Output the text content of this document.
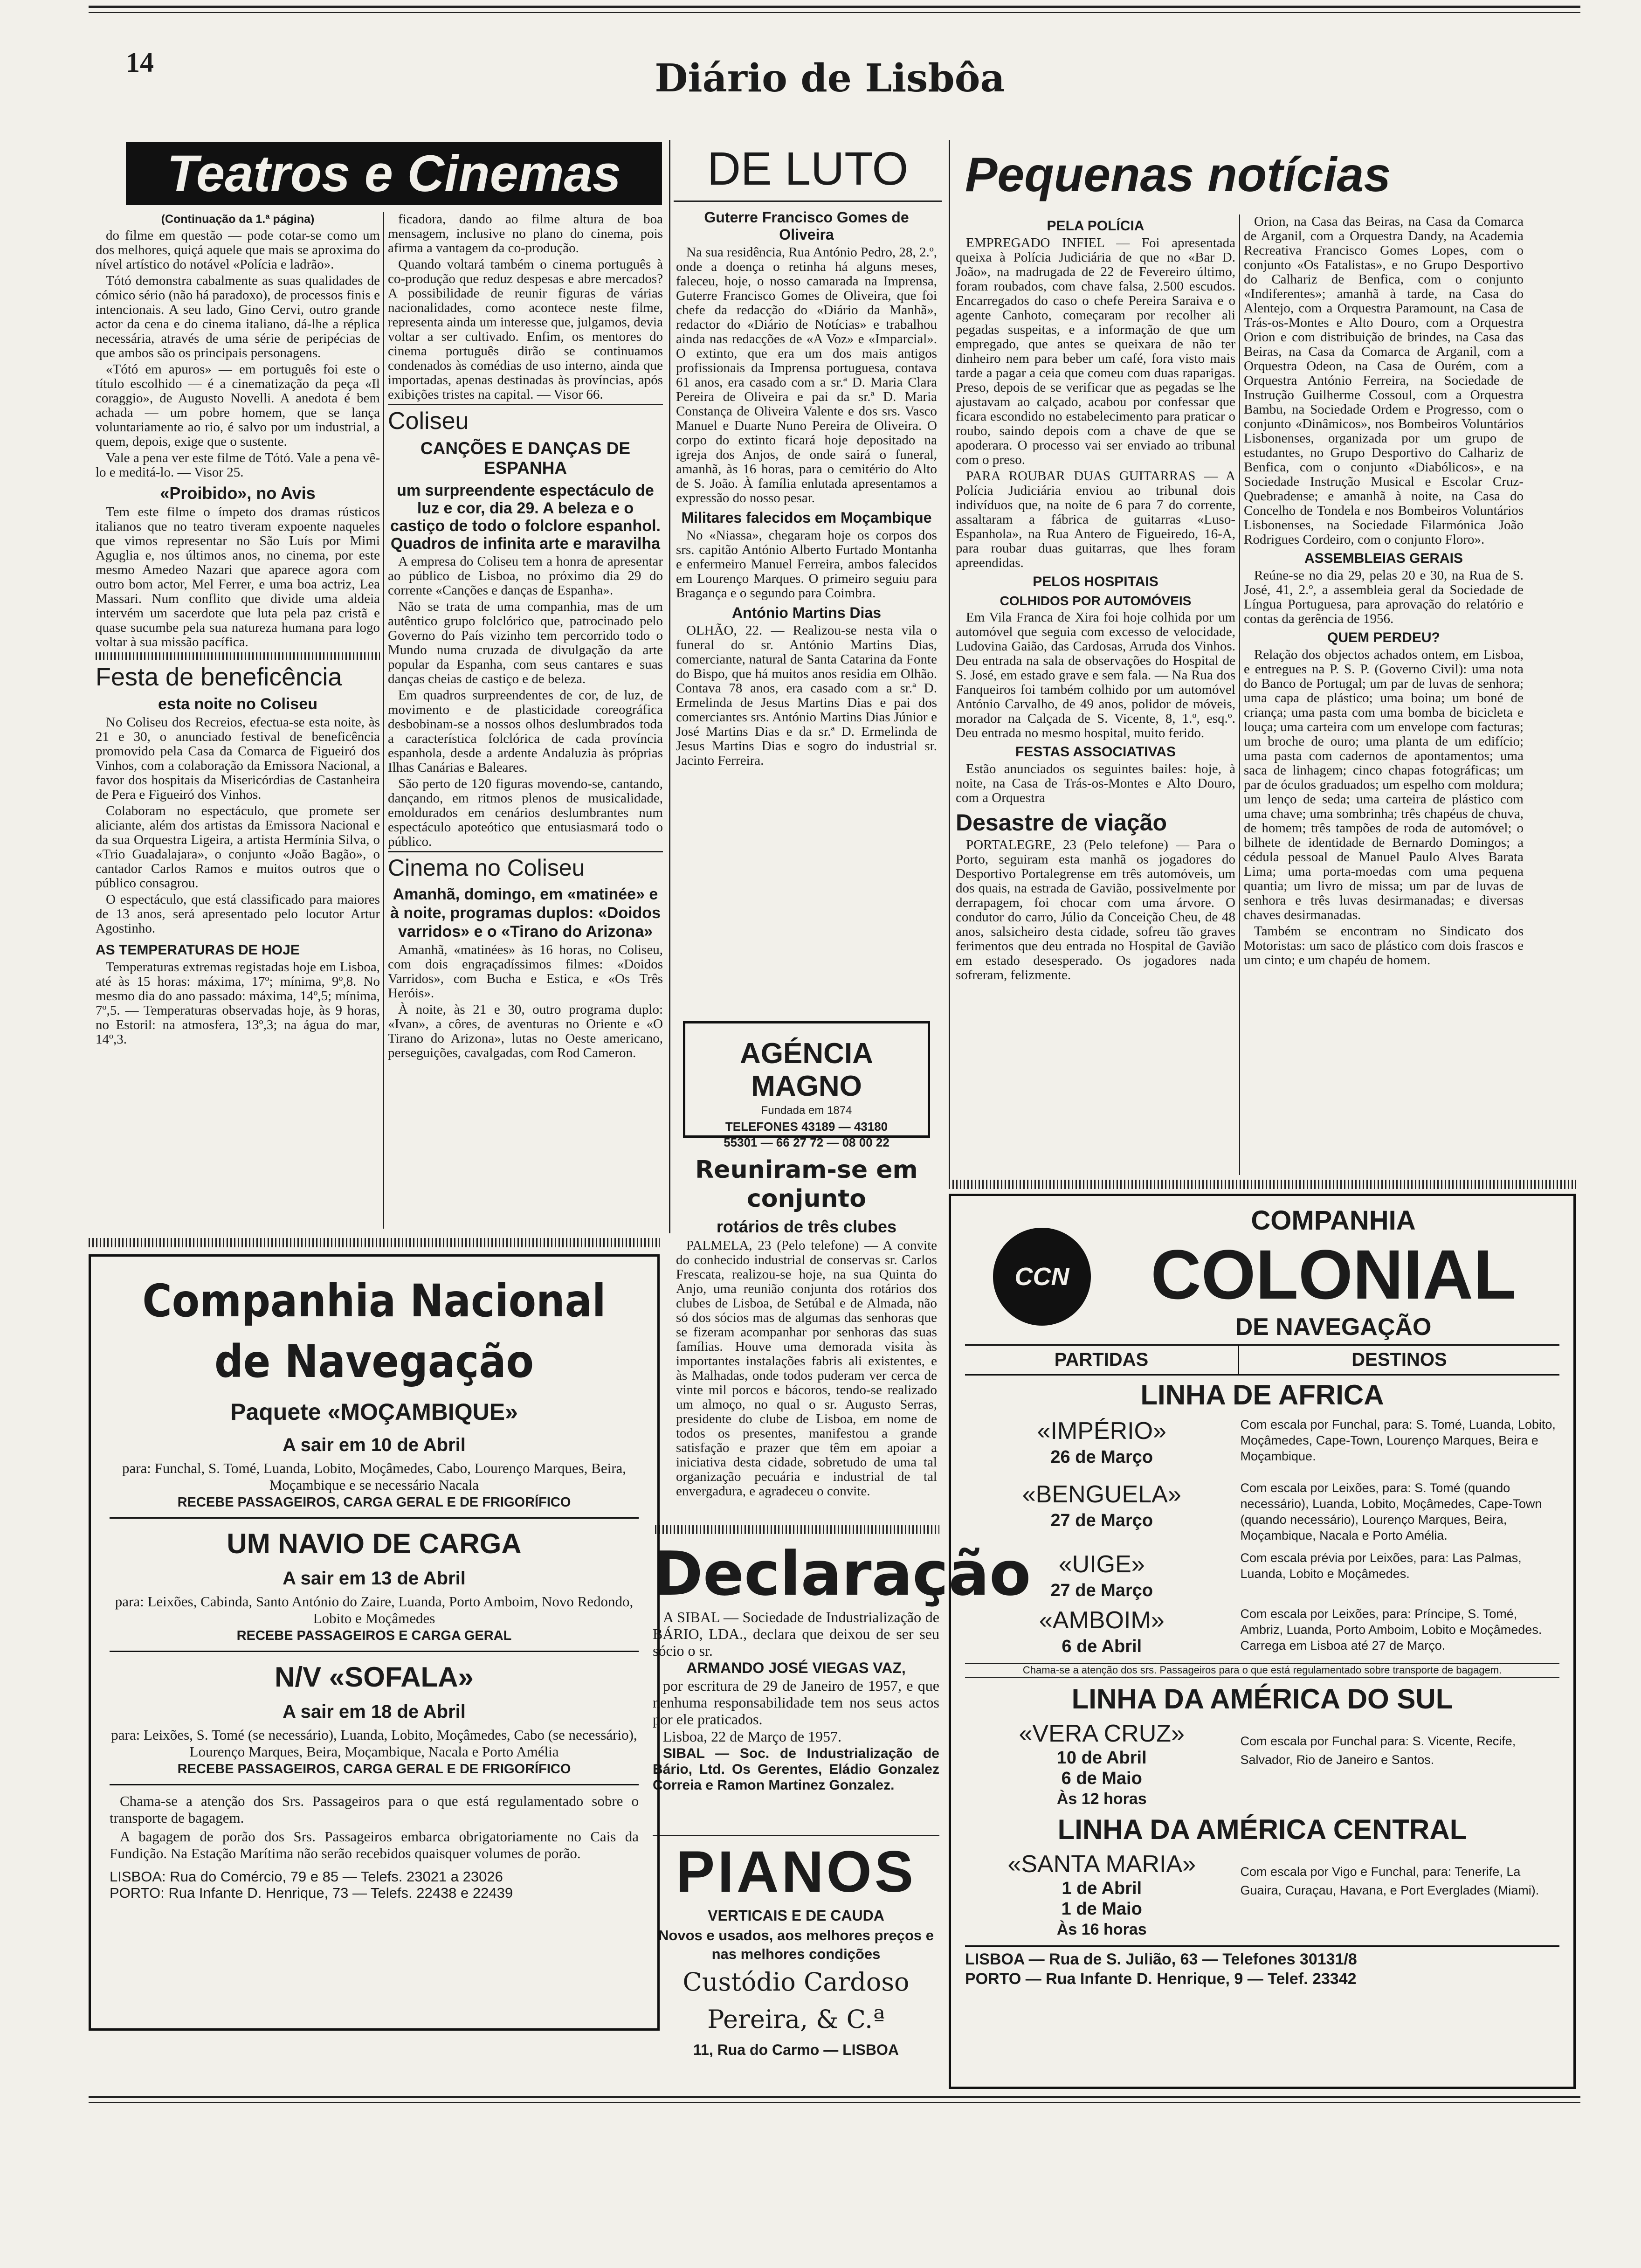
14	Diário de Lisbôa
Teatros e Cinemas

(Continuação da 1.ª página)

do filme em questão — pode cotar-se como um dos melhores, quiçá aquele que mais se aproxima do nível artístico do notável «Polícia e ladrão».

Tótó demonstra cabalmente as suas qualidades de cómico sério (não há paradoxo), de processos finis e intencionais. A seu lado, Gino Cervi, outro grande actor da cena e do cinema italiano, dá-lhe a réplica necessária, através de uma série de peripécias de que ambos são os principais personagens.

«Tótó em apuros» — em português foi este o título escolhido — é a cinematização da peça «Il coraggio», de Augusto Novelli. A anedota é bem achada — um pobre homem, que se lança voluntariamente ao rio, é salvo por um industrial, a quem, depois, exige que o sustente.

Vale a pena ver este filme de Tótó. Vale a pena vê-lo e meditá-lo. — Visor 25.

«Proibido», no Avis

Tem este filme o ímpeto dos dramas rústicos italianos que no teatro tiveram expoente naqueles que vimos representar no São Luís por Mimi Aguglia e, nos últimos anos, no cinema, por este mesmo Amedeo Nazari que aparece agora com outro bom actor, Mel Ferrer, e uma boa actriz, Lea Massari. Num conflito que divide uma aldeia intervém um sacerdote que luta pela paz cristã e quase sucumbe pela sua natureza humana para logo voltar à sua missão pacífica.

Festa de beneficência
esta noite no Coliseu

No Coliseu dos Recreios, efectua-se esta noite, às 21 e 30, o anunciado festival de beneficência promovido pela Casa da Comarca de Figueiró dos Vinhos, com a colaboração da Emissora Nacional, a favor dos hospitais da Misericórdias de Castanheira de Pera e Figueiró dos Vinhos.

Colaboram no espectáculo, que promete ser aliciante, além dos artistas da Emissora Nacional e da sua Orquestra Ligeira, a artista Hermínia Silva, o «Trio Guadalajara», o conjunto «João Bagão», o cantador Carlos Ramos e muitos outros que o público consagrou.

O espectáculo, que está classificado para maiores de 13 anos, será apresentado pelo locutor Artur Agostinho.

AS TEMPERATURAS DE HOJE

Temperaturas extremas registadas hoje em Lisboa, até às 15 horas: máxima, 17º; mínima, 9º,8. No mesmo dia do ano passado: máxima, 14º,5; mínima, 7º,5. — Temperaturas observadas hoje, às 9 horas, no Estoril: na atmosfera, 13º,3; na água do mar, 14º,3.

ficadora, dando ao filme altura de boa mensagem, inclusive no plano do cinema, pois afirma a vantagem da co-produção.

Quando voltará também o cinema português à co-produção que reduz despesas e abre mercados? A possibilidade de reunir figuras de várias nacionalidades, como acontece neste filme, representa ainda um interesse que, julgamos, devia voltar a ser cultivado. Enfim, os mentores do cinema português dirão se continuamos condenados às comédias de uso interno, ainda que importadas, apenas destinadas às províncias, após exibições tristes na capital. — Visor 66.

Coliseu
CANÇÕES E DANÇAS DE ESPANHA
um surpreendente espectáculo de luz e cor, dia 29. A beleza e o castiço de todo o folclore espanhol. Quadros de infinita arte e maravilha

A empresa do Coliseu tem a honra de apresentar ao público de Lisboa, no próximo dia 29 do corrente «Canções e danças de Espanha».

Não se trata de uma companhia, mas de um autêntico grupo folclórico que, patrocinado pelo Governo do País vizinho tem percorrido todo o Mundo numa cruzada de divulgação da arte popular da Espanha, com seus cantares e suas danças cheias de castiço e de beleza.

Em quadros surpreendentes de cor, de luz, de movimento e de plasticidade coreográfica desbobinam-se a nossos olhos deslumbrados toda a característica folclórica de cada província espanhola, desde a ardente Andaluzia às próprias Ilhas Canárias e Baleares.

São perto de 120 figuras movendo-se, cantando, dançando, em ritmos plenos de musicalidade, emoldurados em cenários deslumbrantes num espectáculo apoteótico que entusiasmará todo o público.

Cinema no Coliseu
Amanhã, domingo, em «matinée» e à noite, programas duplos: «Doidos varridos» e o «Tirano do Arizona»

Amanhã, «matinées» às 16 horas, no Coliseu, com dois engraçadíssimos filmes: «Doidos Varridos», com Bucha e Estica, e «Os Três Heróis».

À noite, às 21 e 30, outro programa duplo: «Ivan», a côres, de aventuras no Oriente e «O Tirano do Arizona», lutas no Oeste americano, perseguições, cavalgadas, com Rod Cameron.

DE LUTO
Guterre Francisco Gomes de Oliveira

Na sua residência, Rua António Pedro, 28, 2.º, onde a doença o retinha há alguns meses, faleceu, hoje, o nosso camarada na Imprensa, Guterre Francisco Gomes de Oliveira, que foi chefe da redacção do «Diário da Manhã», redactor do «Diário de Notícias» e trabalhou ainda nas redacções de «A Voz» e «Imparcial». O extinto, que era um dos mais antigos profissionais da Imprensa portuguesa, contava 61 anos, era casado com a sr.ª D. Maria Clara Pereira de Oliveira e pai da sr.ª D. Maria Constança de Oliveira Valente e dos srs. Vasco Manuel e Duarte Nuno Pereira de Oliveira. O corpo do extinto ficará hoje depositado na igreja dos Anjos, de onde sairá o funeral, amanhã, às 16 horas, para o cemitério do Alto de S. João. À família enlutada apresentamos a expressão do nosso pesar.

Militares falecidos em Moçambique

No «Niassa», chegaram hoje os corpos dos srs. capitão António Alberto Furtado Montanha e enfermeiro Manuel Ferreira, ambos falecidos em Lourenço Marques. O primeiro seguiu para Bragança e o segundo para Coimbra.

António Martins Dias

OLHÃO, 22. — Realizou-se nesta vila o funeral do sr. António Martins Dias, comerciante, natural de Santa Catarina da Fonte do Bispo, que há muitos anos residia em Olhão. Contava 78 anos, era casado com a sr.ª D. Ermelinda de Jesus Martins Dias e pai dos comerciantes srs. António Martins Dias Júnior e José Martins Dias e da sr.ª D. Ermelinda de Jesus Martins Dias e sogro do industrial sr. Jacinto Ferreira.

AGÉNCIA MAGNO
Fundada em 1874
TELEFONES 43189 — 43180
55301 — 66 27 72 — 08 00 22
Reuniram-se em conjunto
rotários de três clubes

PALMELA, 23 (Pelo telefone) — A convite do conhecido industrial de conservas sr. Carlos Frescata, realizou-se hoje, na sua Quinta do Anjo, uma reunião conjunta dos rotários dos clubes de Lisboa, de Setúbal e de Almada, não só dos sócios mas de algumas das senhoras que se fizeram acompanhar por senhoras das suas famílias. Houve uma demorada visita às importantes instalações fabris ali existentes, e às Malhadas, onde todos puderam ver cerca de vinte mil porcos e bácoros, tendo-se realizado um almoço, no qual o sr. Augusto Serras, presidente do clube de Lisboa, em nome de todos os presentes, manifestou a grande satisfação e prazer que têm em apoiar a iniciativa desta cidade, sobretudo de uma tal organização pecuária e industrial de tal envergadura, e agradeceu o convite.

Declaração

A SIBAL — Sociedade de Industrialização de BÁRIO, LDA., declara que deixou de ser seu sócio o sr.

ARMANDO JOSÉ VIEGAS VAZ,

por escritura de 29 de Janeiro de 1957, e que nenhuma responsabilidade tem nos seus actos por ele praticados.

Lisboa, 22 de Março de 1957.

SIBAL — Soc. de Industrialização de Bário, Ltd. Os Gerentes, Eládio Gonzalez Correia e Ramon Martinez Gonzalez.

PIANOS
VERTICAIS E DE CAUDA
Novos e usados, aos melhores preços e nas melhores condições
Custódio Cardoso Pereira, & C.ª
11, Rua do Carmo — LISBOA
Pequenas notícias
PELA POLÍCIA

EMPREGADO INFIEL — Foi apresentada queixa à Polícia Judiciária de que no «Bar D. João», na madrugada de 22 de Fevereiro último, foram roubados, com chave falsa, 2.500 escudos. Encarregados do caso o chefe Pereira Saraiva e o agente Canhoto, começaram por recolher ali pegadas suspeitas, e a informação de que um empregado, que antes se queixara de não ter dinheiro nem para beber um café, fora visto mais tarde a pagar a ceia que comeu com duas raparigas. Preso, depois de se verificar que as pegadas se lhe ajustavam ao calçado, acabou por confessar que ficara escondido no estabelecimento para praticar o roubo, saindo depois com a chave de que se apoderara. O processo vai ser enviado ao tribunal com o preso.

PARA ROUBAR DUAS GUITARRAS — A Polícia Judiciária enviou ao tribunal dois indivíduos que, na noite de 6 para 7 do corrente, assaltaram a fábrica de guitarras «Luso-Espanhola», na Rua Antero de Figueiredo, 16-A, para roubar duas guitarras, que lhes foram apreendidas.

PELOS HOSPITAIS
COLHIDOS POR AUTOMÓVEIS

Em Vila Franca de Xira foi hoje colhida por um automóvel que seguia com excesso de velocidade, Ludovina Gaião, das Cardosas, Arruda dos Vinhos. Deu entrada na sala de observações do Hospital de S. José, em estado grave e sem fala. — Na Rua dos Fanqueiros foi também colhido por um automóvel António Carvalho, de 49 anos, polidor de móveis, morador na Calçada de S. Vicente, 8, 1.º, esq.º. Deu entrada no mesmo hospital, muito ferido.

FESTAS ASSOCIATIVAS

Estão anunciados os seguintes bailes: hoje, à noite, na Casa de Trás-os-Montes e Alto Douro, com a Orquestra

Desastre de viação

PORTALEGRE, 23 (Pelo telefone) — Para o Porto, seguiram esta manhã os jogadores do Desportivo Portalegrense em três automóveis, um dos quais, na estrada de Gavião, possivelmente por derrapagem, foi chocar com uma árvore. O condutor do carro, Júlio da Conceição Cheu, de 48 anos, salsicheiro desta cidade, sofreu tão graves ferimentos que deu entrada no Hospital de Gavião em estado desesperado. Os jogadores nada sofreram, felizmente.

Orion, na Casa das Beiras, na Casa da Comarca de Arganil, com a Orquestra Dandy, na Academia Recreativa Francisco Gomes Lopes, com o conjunto «Os Fatalistas», e no Grupo Desportivo do Calhariz de Benfica, com o conjunto «Indiferentes»; amanhã à tarde, na Casa do Alentejo, com a Orquestra Paramount, na Casa de Trás-os-Montes e Alto Douro, com a Orquestra Orion e com distribuição de brindes, na Casa das Beiras, na Casa da Comarca de Arganil, com a Orquestra Odeon, na Casa de Ourém, com a Orquestra António Ferreira, na Sociedade de Instrução Guilherme Cossoul, com a Orquestra Bambu, na Sociedade Ordem e Progresso, com o conjunto «Dinâmicos», nos Bombeiros Voluntários Lisbonenses, organizada por um grupo de estudantes, no Grupo Desportivo do Calhariz de Benfica, com o conjunto «Diabólicos», e na Sociedade Instrução Musical e Escolar Cruz-Quebradense; e amanhã à noite, na Casa do Concelho de Tondela e nos Bombeiros Voluntários Lisbonenses, na Sociedade Filarmónica João Rodrigues Cordeiro, com o conjunto Floro».

ASSEMBLEIAS GERAIS

Reúne-se no dia 29, pelas 20 e 30, na Rua de S. José, 41, 2.º, a assembleia geral da Sociedade de Língua Portuguesa, para aprovação do relatório e contas da gerência de 1956.

QUEM PERDEU?

Relação dos objectos achados ontem, em Lisboa, e entregues na P. S. P. (Governo Civil): uma nota do Banco de Portugal; um par de luvas de senhora; uma capa de plástico; uma boina; um boné de criança; uma pasta com uma bomba de bicicleta e louça; uma carteira com um envelope com facturas; um broche de ouro; uma planta de um edifício; uma pasta com cadernos de apontamentos; uma saca de linhagem; cinco chapas fotográficas; um par de óculos graduados; um espelho com moldura; um lenço de seda; uma carteira de plástico com uma chave; uma sombrinha; três chapéus de chuva, de homem; três tampões de roda de automóvel; o bilhete de identidade de Bernardo Domingos; a cédula pessoal de Manuel Paulo Alves Barata Lima; uma porta-moedas com uma pequena quantia; um livro de missa; um par de luvas de senhora e três luvas desirmanadas; e diversas chaves desirmanadas.

Também se encontram no Sindicato dos Motoristas: um saco de plástico com dois frascos e um cinto; e um chapéu de homem.

Companhia Nacional de Navegação
Paquete «MOÇAMBIQUE»
A sair em 10 de Abril

para: Funchal, S. Tomé, Luanda, Lobito, Moçâmedes, Cabo, Lourenço Marques, Beira, Moçambique e se necessário Nacala

RECEBE PASSAGEIROS, CARGA GERAL E DE FRIGORÍFICO

UM NAVIO DE CARGA
A sair em 13 de Abril

para: Leixões, Cabinda, Santo António do Zaire, Luanda, Porto Amboim, Novo Redondo, Lobito e Moçâmedes

RECEBE PASSAGEIROS E CARGA GERAL

N/V «SOFALA»
A sair em 18 de Abril

para: Leixões, S. Tomé (se necessário), Luanda, Lobito, Moçâmedes, Cabo (se necessário), Lourenço Marques, Beira, Moçambique, Nacala e Porto Amélia

RECEBE PASSAGEIROS, CARGA GERAL E DE FRIGORÍFICO

Chama-se a atenção dos Srs. Passageiros para o que está regulamentado sobre o transporte de bagagem.

A bagagem de porão dos Srs. Passageiros embarca obrigatoriamente no Cais da Fundição. Na Estação Marítima não serão recebidos quaisquer volumes de porão.

LISBOA: Rua do Comércio, 79 e 85 — Telefs. 23021 a 23026

PORTO: Rua Infante D. Henrique, 73 — Telefs. 22438 e 22439

CCN
COMPANHIA
COLONIAL
DE NAVEGAÇÃO
PARTIDAS	DESTINOS
LINHA DE AFRICA
«IMPÉRIO»
26 de Março	Com escala por Funchal, para: S. Tomé, Luanda, Lobito, Moçâmedes, Cape-Town, Lourenço Marques, Beira e Moçambique.

«BENGUELA»
27 de Março	Com escala por Leixões, para: S. Tomé (quando necessário), Luanda, Lobito, Moçâmedes, Cape-Town (quando necessário), Lourenço Marques, Beira, Moçambique, Nacala e Porto Amélia.

«UIGE»
27 de Março	Com escala prévia por Leixões, para: Las Palmas, Luanda, Lobito e Moçâmedes.

«AMBOIM»
6 de Abril	Com escala por Leixões, para: Príncipe, S. Tomé, Ambriz, Luanda, Porto Amboim, Lobito e Moçâmedes. Carrega em Lisboa até 27 de Março.
Chama-se a atenção dos srs. Passageiros para o que está regulamentado sobre transporte de bagagem.
LINHA DA AMÉRICA DO SUL
«VERA CRUZ»
10 de Abril
6 de Maio
Às 12 horas
	Com escala por Funchal para: S. Vicente, Recife, Salvador, Rio de Janeiro e Santos.
LINHA DA AMÉRICA CENTRAL
«SANTA MARIA»
1 de Abril
1 de Maio
Às 16 horas
	Com escala por Vigo e Funchal, para: Tenerife, La Guaira, Curaçau, Havana, e Port Everglades (Miami).
LISBOA — Rua de S. Julião, 63 — Telefones 30131/8
PORTO — Rua Infante D. Henrique, 9 — Telef. 23342
